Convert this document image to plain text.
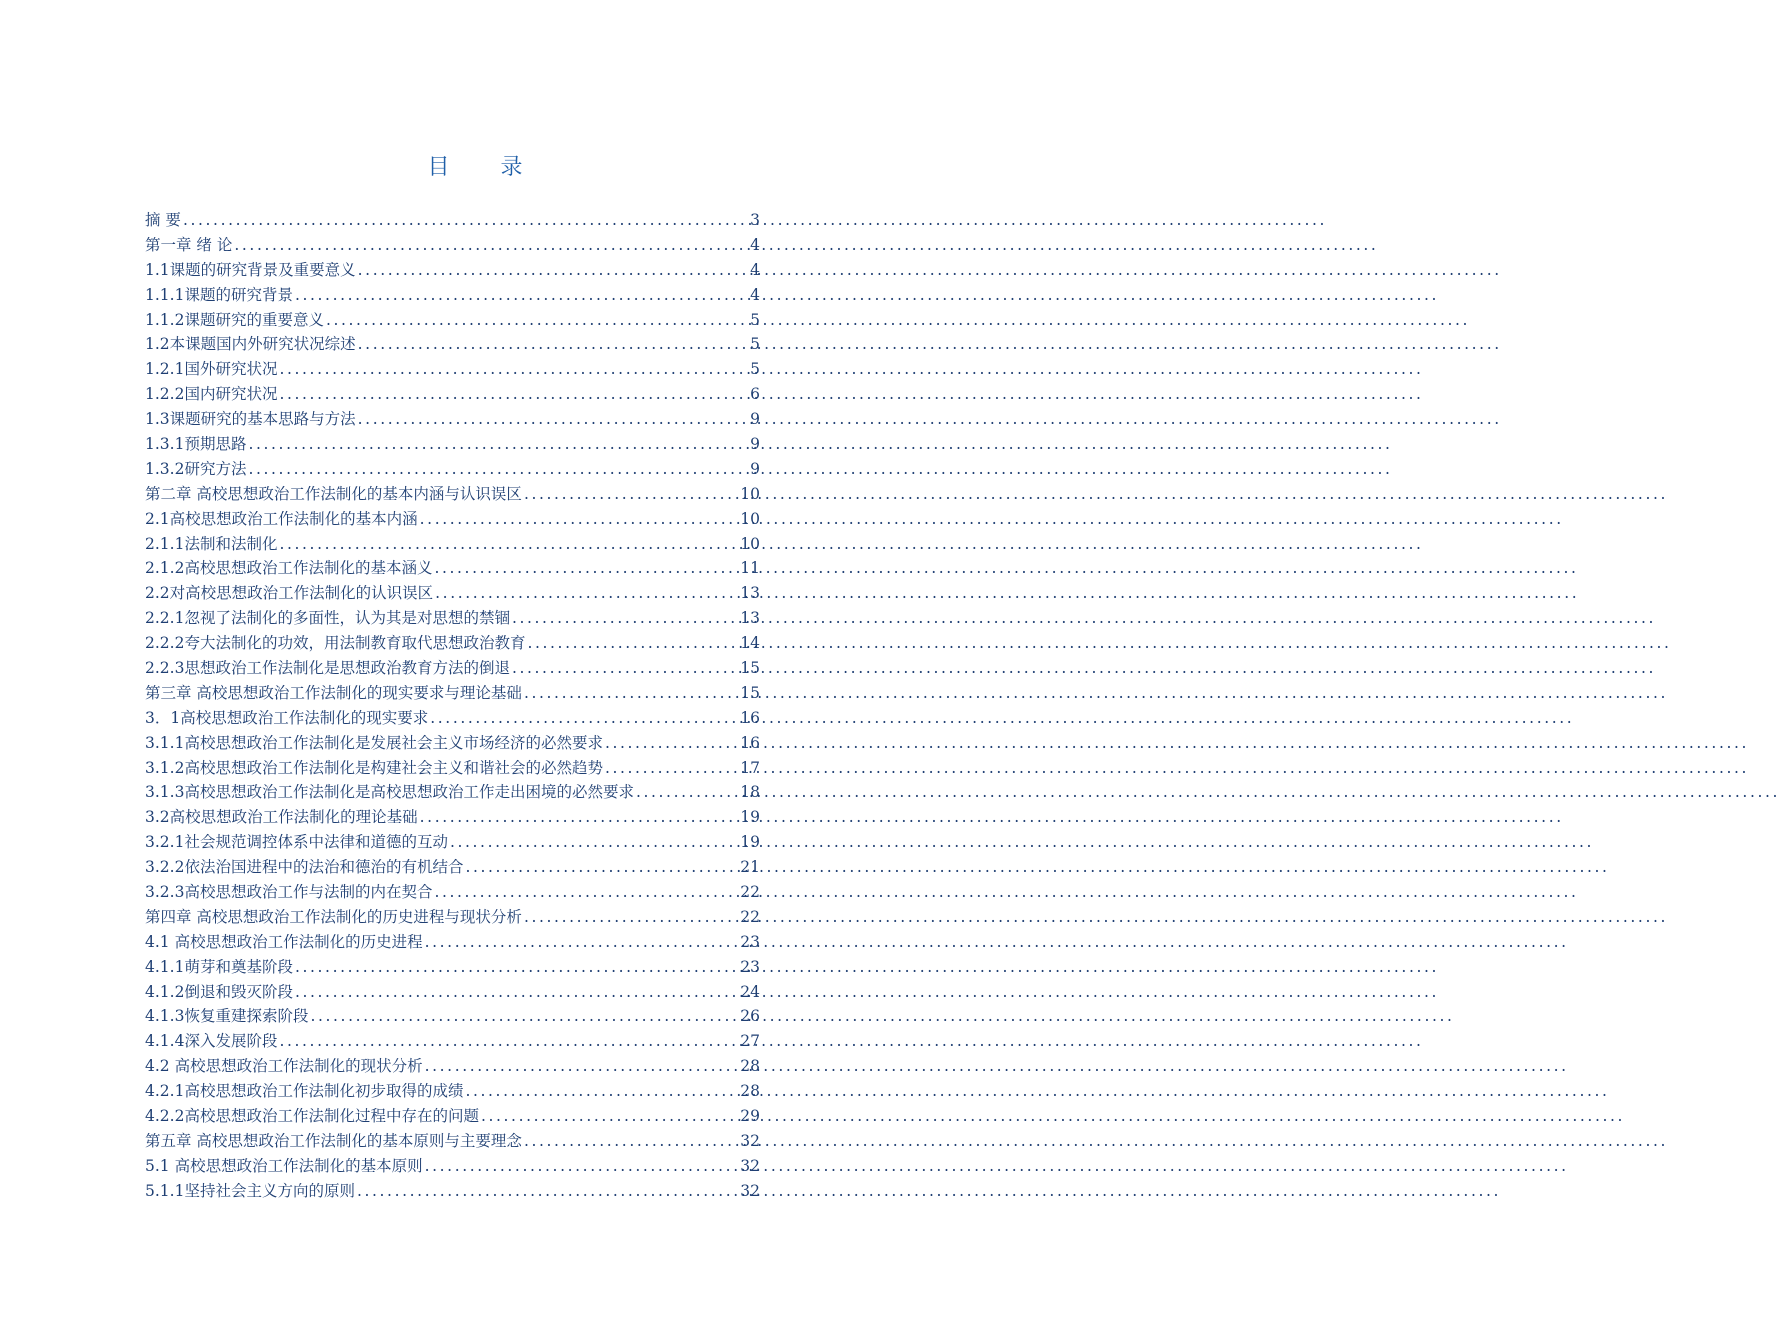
目 录
摘 要 .....	3
第一章 绪 论 .....	4
1.1课题的研究背景及重要意义 .....	4
1.1.1课题的研究背景 .....	4
1.1.2课题研究的重要意义 .....	5
1.2本课题国内外研究状况综述 .....	5
1.2.1国外研究状况 .....	5
1.2.2国内研究状况 .....	6
1.3课题研究的基本思路与方法 .....	9
1.3.1预期思路 .....	9
1.3.2研究方法 .....	9
第二章 高校思想政治工作法制化的基本内涵与认识误区 .....	10
2.1高校思想政治工作法制化的基本内涵 .....	10
2.1.1法制和法制化 .....	10
2.1.2高校思想政治工作法制化的基本涵义 .....	11
2.2对高校思想政治工作法制化的认识误区 .....	13
2.2.1忽视了法制化的多面性，认为其是对思想的禁锢 .....	13
2.2.2夸大法制化的功效，用法制教育取代思想政治教育 .....	14
2.2.3思想政治工作法制化是思想政治教育方法的倒退 .....	15
第三章 高校思想政治工作法制化的现实要求与理论基础 .....	15
3．1高校思想政治工作法制化的现实要求 .....	16
3.1.1高校思想政治工作法制化是发展社会主义市场经济的必然要求 .....	16
3.1.2高校思想政治工作法制化是构建社会主义和谐社会的必然趋势 .....	17
3.1.3高校思想政治工作法制化是高校思想政治工作走出困境的必然要求 .....	18
3.2高校思想政治工作法制化的理论基础 .....	19
3.2.1社会规范调控体系中法律和道德的互动 .....	19
3.2.2依法治国进程中的法治和德治的有机结合 .....	21
3.2.3高校思想政治工作与法制的内在契合 .....	22
第四章 高校思想政治工作法制化的历史进程与现状分析 .....	22
4.1 高校思想政治工作法制化的历史进程 .....	23
4.1.1萌芽和奠基阶段 .....	23
4.1.2倒退和毁灭阶段 .....	24
4.1.3恢复重建探索阶段 .....	26
4.1.4深入发展阶段 .....	27
4.2 高校思想政治工作法制化的现状分析 .....	28
4.2.1高校思想政治工作法制化初步取得的成绩 .....	28
4.2.2高校思想政治工作法制化过程中存在的问题 .....	29
第五章 高校思想政治工作法制化的基本原则与主要理念 .....	32
5.1 高校思想政治工作法制化的基本原则 .....	32
5.1.1坚持社会主义方向的原则 .....	32
